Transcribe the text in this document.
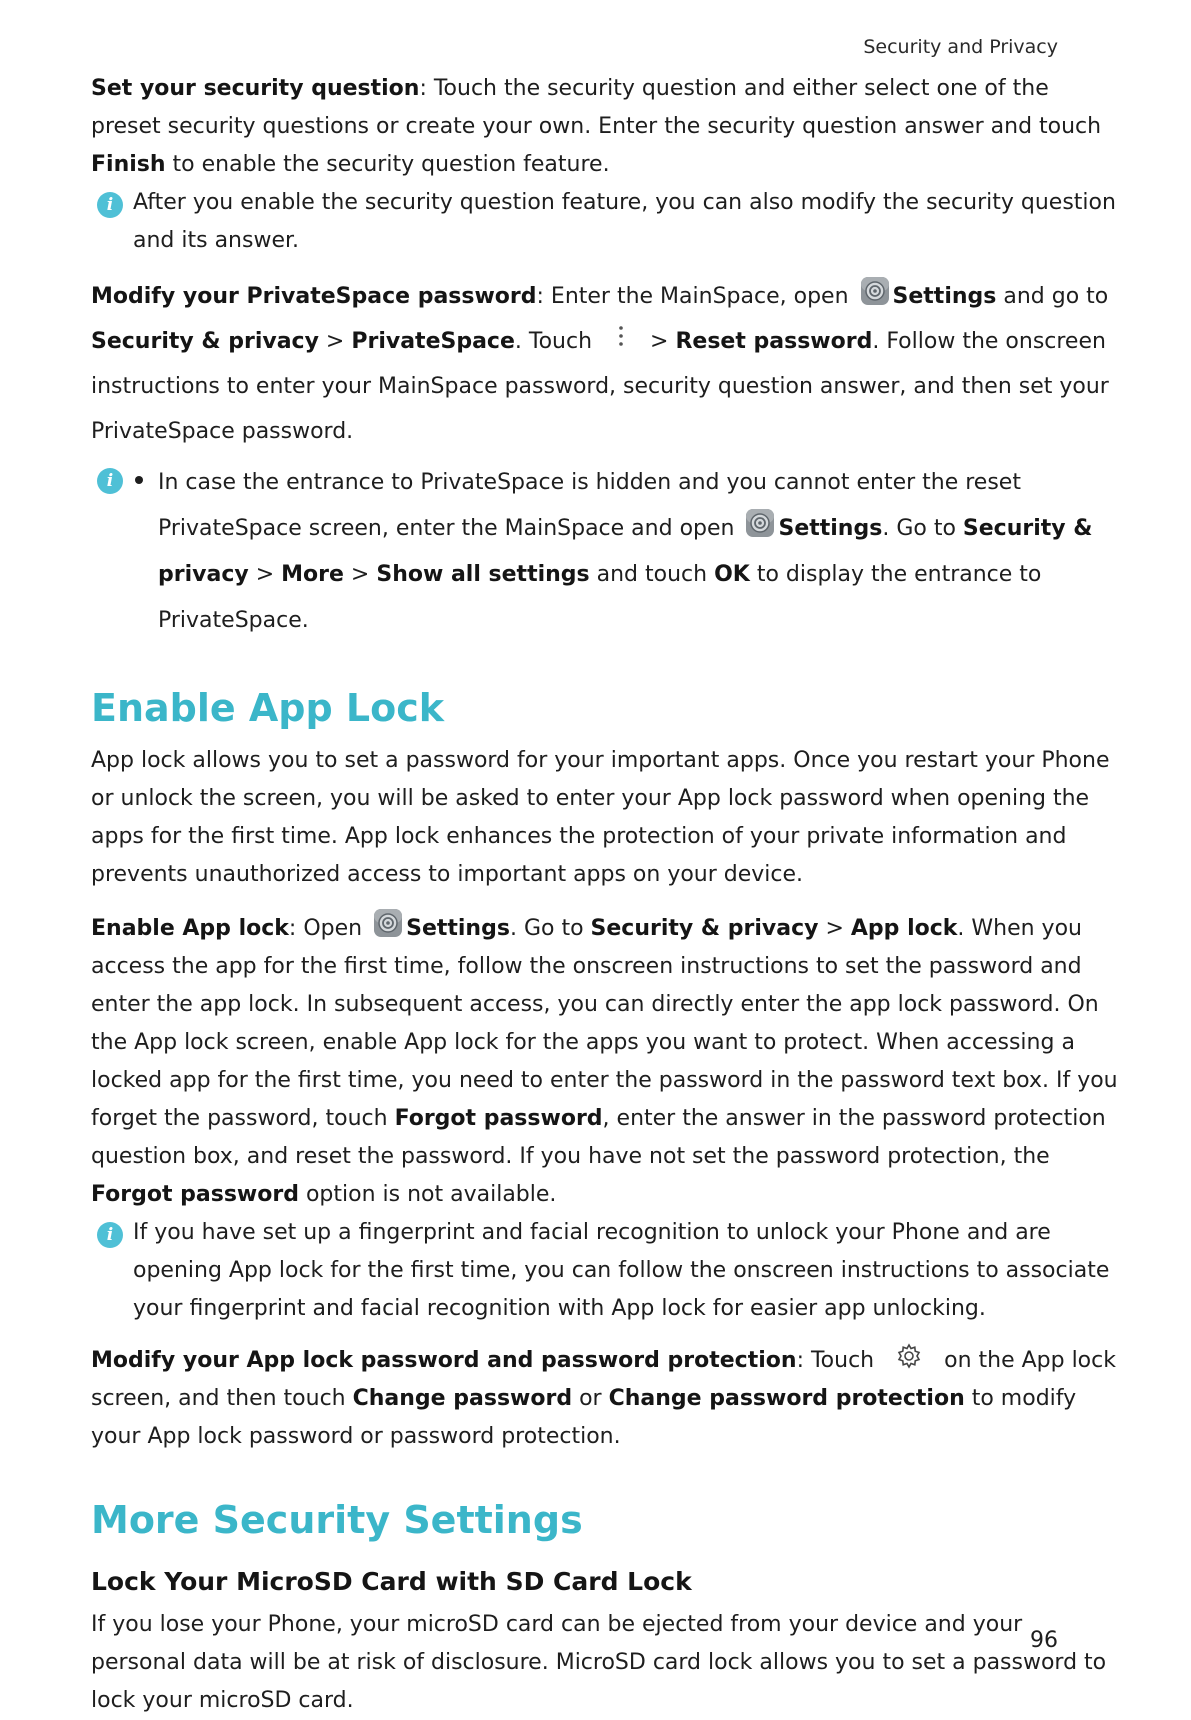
Security and Privacy

Set your security question: Touch the security question and either select one of the preset security questions or create your own. Enter the security question answer and touch Finish to enable the security question feature.

i After you enable the security question feature, you can also modify the security question and its answer.

Modify your PrivateSpace password: Enter the MainSpace, open Settings and go to Security & privacy > PrivateSpace. Touch  > Reset password. Follow the onscreen instructions to enter your MainSpace password, security question answer, and then set your PrivateSpace password.

i	In case the entrance to PrivateSpace is hidden and you cannot enter the reset PrivateSpace screen, enter the MainSpace and open Settings. Go to Security & privacy > More > Show all settings and touch OK to display the entrance to PrivateSpace.

Enable App Lock

App lock allows you to set a password for your important apps. Once you restart your Phone or unlock the screen, you will be asked to enter your App lock password when opening the apps for the first time. App lock enhances the protection of your private information and prevents unauthorized access to important apps on your device.

Enable App lock: Open Settings. Go to Security & privacy > App lock. When you access the app for the first time, follow the onscreen instructions to set the password and enter the app lock. In subsequent access, you can directly enter the app lock password. On the App lock screen, enable App lock for the apps you want to protect. When accessing a locked app for the first time, you need to enter the password in the password text box. If you forget the password, touch Forgot password, enter the answer in the password protection question box, and reset the password. If you have not set the password protection, the Forgot password option is not available.

i If you have set up a fingerprint and facial recognition to unlock your Phone and are opening App lock for the first time, you can follow the onscreen instructions to associate your fingerprint and facial recognition with App lock for easier app unlocking.

Modify your App lock password and password protection: Touch	on the App lock screen, and then touch Change password or Change password protection to modify your App lock password or password protection.

More Security Settings
Lock Your MicroSD Card with SD Card Lock

If you lose your Phone, your microSD card can be ejected from your device and your personal data will be at risk of disclosure. MicroSD card lock allows you to set a password to lock your microSD card.

96
